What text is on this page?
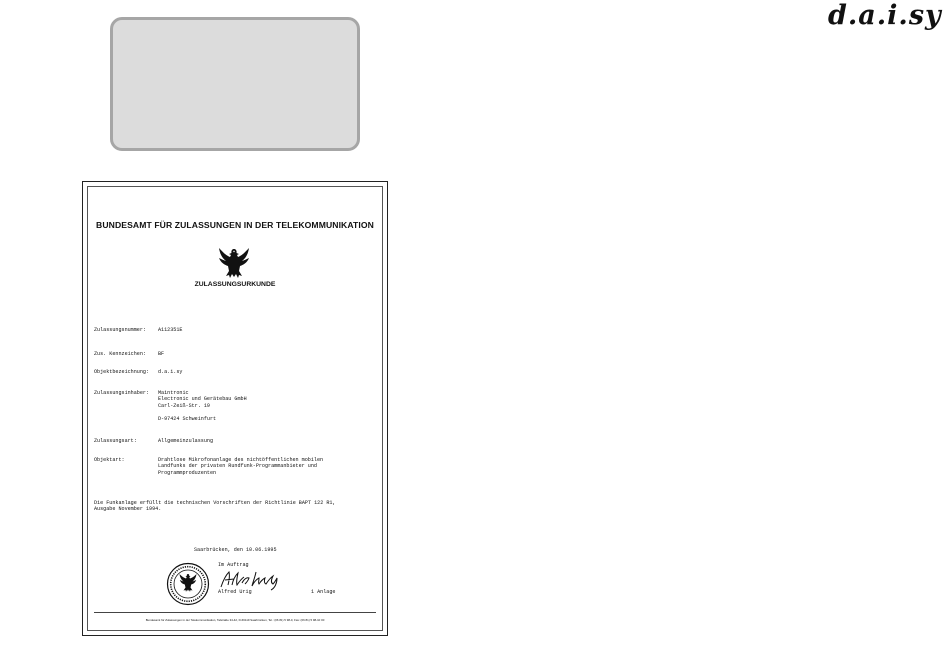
d.a.i.sy
BUNDESAMT FÜR ZULASSUNGEN IN DER TELEKOMMUNIKATION
ZULASSUNGSURKUNDE
Zulassungsnummer: A112351E
Zus. Kennzeichen: BF
Objektbezeichnung: d.a.i.sy
Zulassungsinhaber: Maintronic
Electronic und Gerätebau GmbH
Carl-Zeiß-Str. 19
D-97424 Schweinfurt
Zulassungsart:	Allgemeinzulassung
Objektart:	Drahtlose Mikrofonanlage des nichtöffentlichen mobilen
Landfunks der privaten Rundfunk-Programmanbieter und
Programmproduzenten
Die Funkanlage erfüllt die technischen Vorschriften der Richtlinie BAPT 122 R1,
Ausgabe November 1994.
Saarbrücken, den 10.06.1995
Im Auftrag
Alfred Urig	1 Anlage
Bundesamt für Zulassungen in der Telekommunikation, Talstraße 34-42, D-66119 Saarbrücken, Tel.: (06 81) 5 98-0, Fax: (06 81) 5 98-10 00
